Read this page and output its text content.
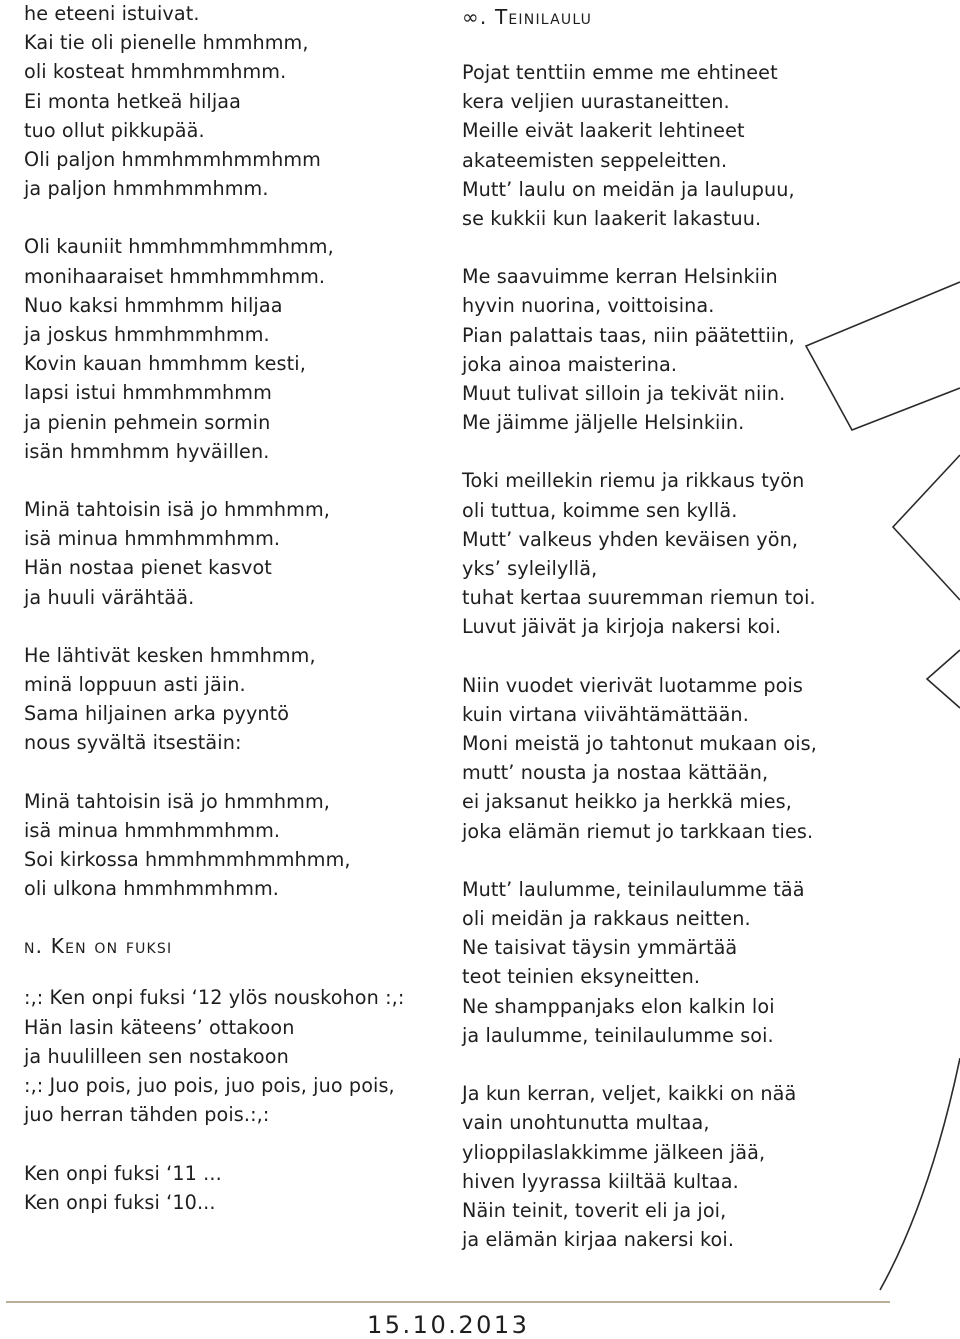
he eteeni istuivat.
Kai tie oli pienelle hmmhmm,
oli kosteat hmmhmmhmm.
Ei monta hetkeä hiljaa
tuo ollut pikkupää.
Oli paljon hmmhmmhmmhmm
ja paljon hmmhmmhmm.
Oli kauniit hmmhmmhmmhmm,
monihaaraiset hmmhmmhmm.
Nuo kaksi hmmhmm hiljaa
ja joskus hmmhmmhmm.
Kovin kauan hmmhmm kesti,
lapsi istui hmmhmmhmm
ja pienin pehmein sormin
isän hmmhmm hyväillen.
Minä tahtoisin isä jo hmmhmm,
isä minua hmmhmmhmm.
Hän nostaa pienet kasvot
ja huuli värähtää.
He lähtivät kesken hmmhmm,
minä loppuun asti jäin.
Sama hiljainen arka pyyntö
nous syvältä itsestäin:
Minä tahtoisin isä jo hmmhmm,
isä minua hmmhmmhmm.
Soi kirkossa hmmhmmhmmhmm,
oli ulkona hmmhmmhmm.
n. Ken on fuksi
:,: Ken onpi fuksi ‘12 ylös nouskohon :,:
Hän lasin käteens’ ottakoon
ja huulilleen sen nostakoon
:,: Juo pois, juo pois, juo pois, juo pois,
juo herran tähden pois.:,:
Ken onpi fuksi ‘11 ...
Ken onpi fuksi ‘10...
∞. Teinilaulu
Pojat tenttiin emme me ehtineet
kera veljien uurastaneitten.
Meille eivät laakerit lehtineet
akateemisten seppeleitten.
Mutt’ laulu on meidän ja laulupuu,
se kukkii kun laakerit lakastuu.
Me saavuimme kerran Helsinkiin
hyvin nuorina, voittoisina.
Pian palattais taas, niin päätettiin,
joka ainoa maisterina.
Muut tulivat silloin ja tekivät niin.
Me jäimme jäljelle Helsinkiin.
Toki meillekin riemu ja rikkaus työn
oli tuttua, koimme sen kyllä.
Mutt’ valkeus yhden keväisen yön,
yks’ syleilyllä,
tuhat kertaa suuremman riemun toi.
Luvut jäivät ja kirjoja nakersi koi.
Niin vuodet vierivät luotamme pois
kuin virtana viivähtämättään.
Moni meistä jo tahtonut mukaan ois,
mutt’ nousta ja nostaa kättään,
ei jaksanut heikko ja herkkä mies,
joka elämän riemut jo tarkkaan ties.
Mutt’ laulumme, teinilaulumme tää
oli meidän ja rakkaus neitten.
Ne taisivat täysin ymmärtää
teot teinien eksyneitten.
Ne shamppanjaks elon kalkin loi
ja laulumme, teinilaulumme soi.
Ja kun kerran, veljet, kaikki on nää
vain unohtunutta multaa,
ylioppilaslakkimme jälkeen jää,
hiven lyyrassa kiiltää kultaa.
Näin teinit, toverit eli ja joi,
ja elämän kirjaa nakersi koi.
15.10.2013
